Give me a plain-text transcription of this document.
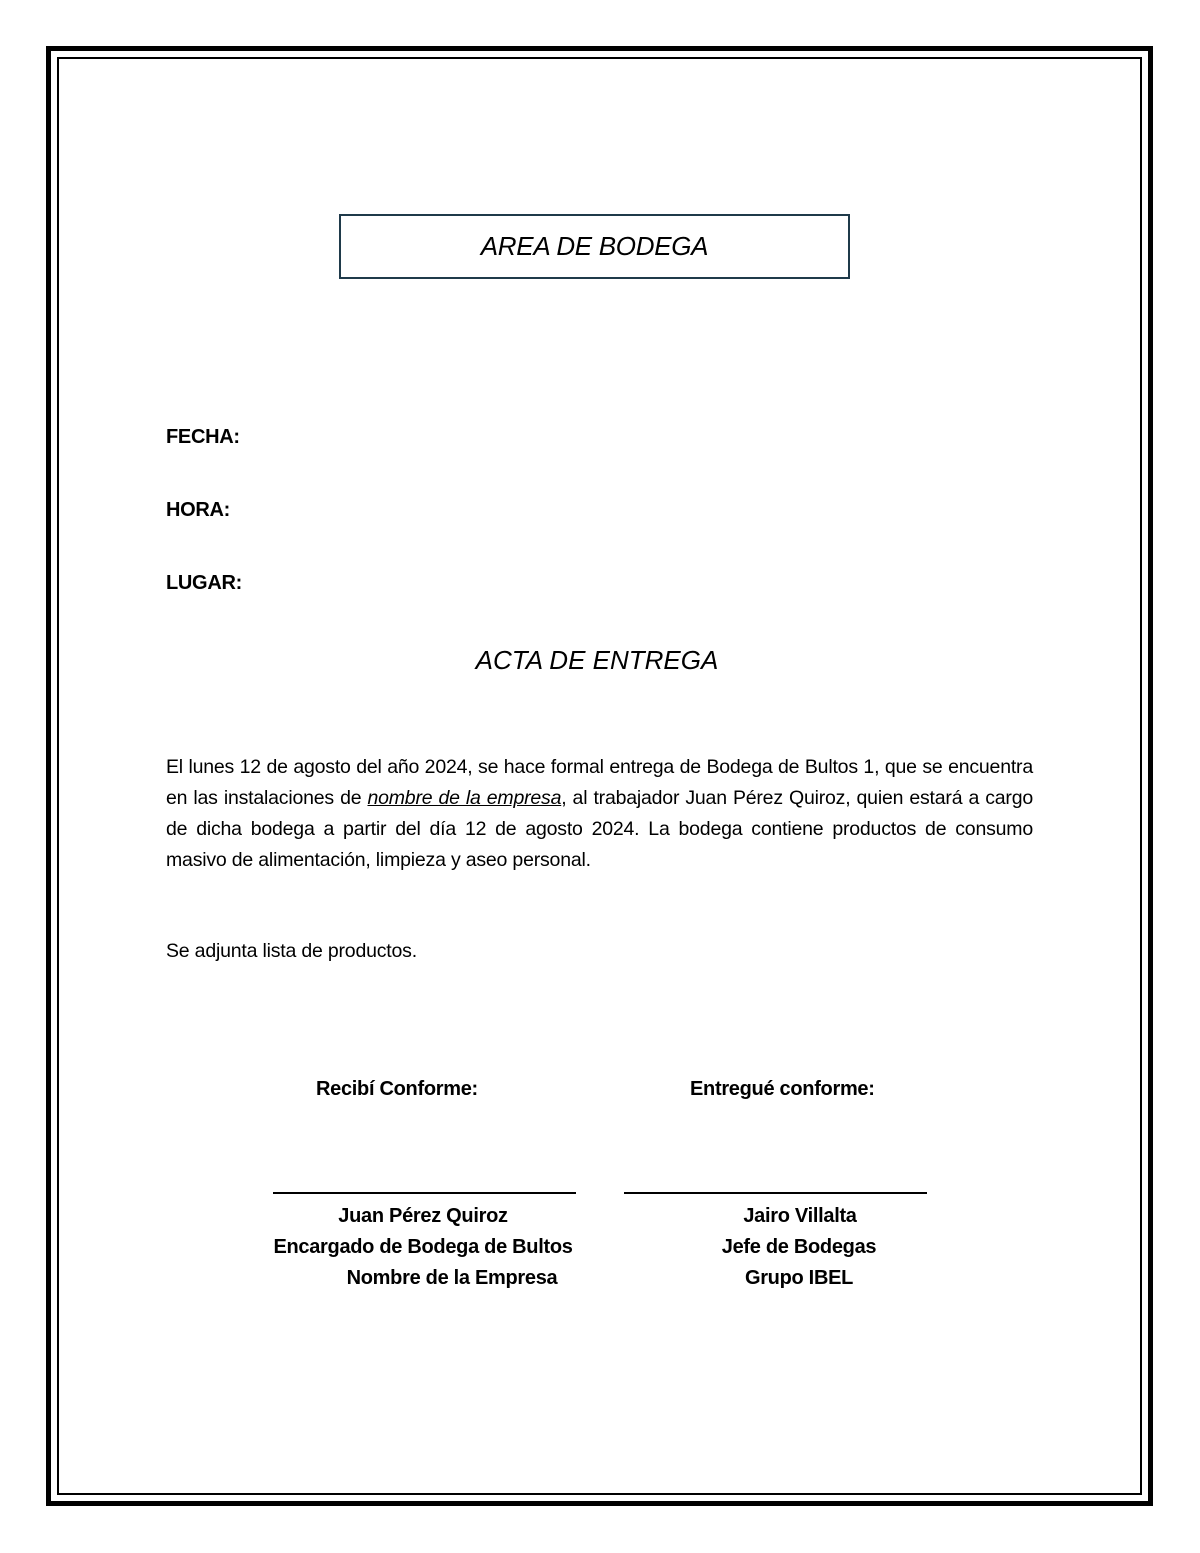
AREA DE BODEGA
FECHA:
HORA:
LUGAR:
ACTA DE ENTREGA
El lunes 12 de agosto del año 2024, se hace formal entrega de Bodega de Bultos 1, que se encuentra en las instalaciones de nombre de la empresa, al trabajador Juan Pérez Quiroz, quien estará a cargo de dicha bodega a partir del día 12 de agosto 2024. La bodega contiene productos de consumo masivo de alimentación, limpieza y aseo personal.
Se adjunta lista de productos.
Recibí Conforme:	Entregué conforme:
Juan Pérez Quiroz
Encargado de Bodega de Bultos
Nombre de la Empresa
Jairo Villalta
Jefe de Bodegas
Grupo IBEL
